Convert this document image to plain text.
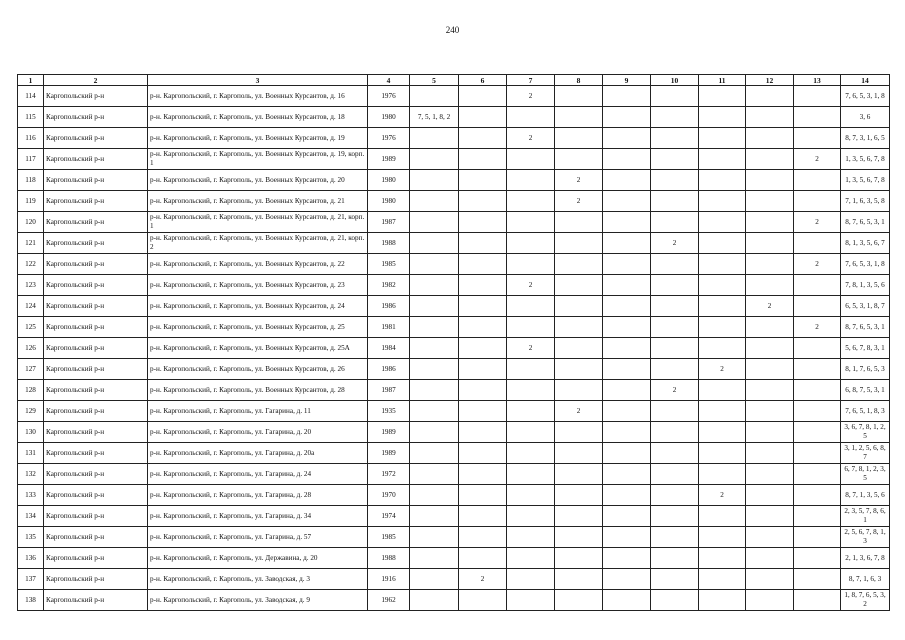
240
1	2	3	4	5	6	7	8	9	10	11	12	13	14
114	Каргопольский р-н	р-н. Каргопольский, г. Каргополь, ул. Военных Курсантов, д. 16	1976			2							7, 6, 5, 3, 1, 8
115	Каргопольский р-н	р-н. Каргопольский, г. Каргополь, ул. Военных Курсантов, д. 18	1980	7, 5, 1, 8, 2									3, 6
116	Каргопольский р-н	р-н. Каргопольский, г. Каргополь, ул. Военных Курсантов, д. 19	1976			2							8, 7, 3, 1, 6, 5
117	Каргопольский р-н	р-н. Каргопольский, г. Каргополь, ул. Военных Курсантов, д. 19, корп. 1	1989									2	1, 3, 5, 6, 7, 8
118	Каргопольский р-н	р-н. Каргопольский, г. Каргополь, ул. Военных Курсантов, д. 20	1980				2						1, 3, 5, 6, 7, 8
119	Каргопольский р-н	р-н. Каргопольский, г. Каргополь, ул. Военных Курсантов, д. 21	1980				2						7, 1, 6, 3, 5, 8
120	Каргопольский р-н	р-н. Каргопольский, г. Каргополь, ул. Военных Курсантов, д. 21, корп. 1	1987									2	8, 7, 6, 5, 3, 1
121	Каргопольский р-н	р-н. Каргопольский, г. Каргополь, ул. Военных Курсантов, д. 21, корп. 2	1988						2				8, 1, 3, 5, 6, 7
122	Каргопольский р-н	р-н. Каргопольский, г. Каргополь, ул. Военных Курсантов, д. 22	1985									2	7, 6, 5, 3, 1, 8
123	Каргопольский р-н	р-н. Каргопольский, г. Каргополь, ул. Военных Курсантов, д. 23	1982			2							7, 8, 1, 3, 5, 6
124	Каргопольский р-н	р-н. Каргопольский, г. Каргополь, ул. Военных Курсантов, д. 24	1986								2		6, 5, 3, 1, 8, 7
125	Каргопольский р-н	р-н. Каргопольский, г. Каргополь, ул. Военных Курсантов, д. 25	1981									2	8, 7, 6, 5, 3, 1
126	Каргопольский р-н	р-н. Каргопольский, г. Каргополь, ул. Военных Курсантов, д. 25А	1984			2							5, 6, 7, 8, 3, 1
127	Каргопольский р-н	р-н. Каргопольский, г. Каргополь, ул. Военных Курсантов, д. 26	1986							2			8, 1, 7, 6, 5, 3
128	Каргопольский р-н	р-н. Каргопольский, г. Каргополь, ул. Военных Курсантов, д. 28	1987						2				6, 8, 7, 5, 3, 1
129	Каргопольский р-н	р-н. Каргопольский, г. Каргополь, ул. Гагарина, д. 11	1935				2						7, 6, 5, 1, 8, 3
130	Каргопольский р-н	р-н. Каргопольский, г. Каргополь, ул. Гагарина, д. 20	1989										3, 6, 7, 8, 1, 2, 5
131	Каргопольский р-н	р-н. Каргопольский, г. Каргополь, ул. Гагарина, д. 20а	1989										3, 1, 2, 5, 6, 8, 7
132	Каргопольский р-н	р-н. Каргопольский, г. Каргополь, ул. Гагарина, д. 24	1972										6, 7, 8, 1, 2, 3, 5
133	Каргопольский р-н	р-н. Каргопольский, г. Каргополь, ул. Гагарина, д. 28	1970							2			8, 7, 1, 3, 5, 6
134	Каргопольский р-н	р-н. Каргопольский, г. Каргополь, ул. Гагарина, д. 34	1974										2, 3, 5, 7, 8, 6, 1
135	Каргопольский р-н	р-н. Каргопольский, г. Каргополь, ул. Гагарина, д. 57	1985										2, 5, 6, 7, 8, 1, 3
136	Каргопольский р-н	р-н. Каргопольский, г. Каргополь, ул. Державина, д. 20	1988										2, 1, 3, 6, 7, 8
137	Каргопольский р-н	р-н. Каргопольский, г. Каргополь, ул. Заводская, д. 3	1916		2								8, 7, 1, 6, 3
138	Каргопольский р-н	р-н. Каргопольский, г. Каргополь, ул. Заводская, д. 9	1962										1, 8, 7, 6, 5, 3, 2
